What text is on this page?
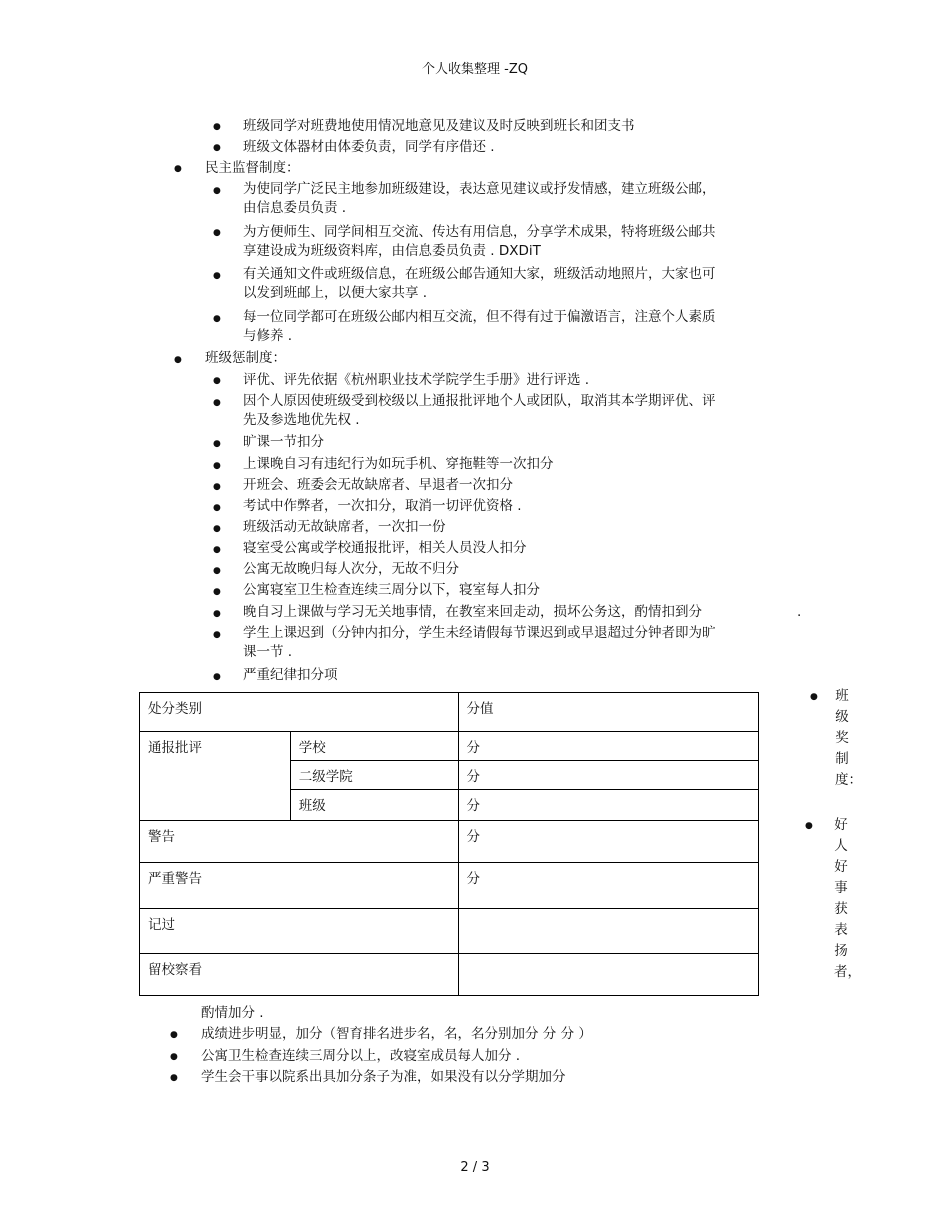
个人收集整理 -ZQ
● 班级同学对班费地使用情况地意见及建议及时反映到班长和团支书
● 班级文体器材由体委负责，同学有序借还 .
● 民主监督制度：
● 为使同学广泛民主地参加班级建设，表达意见建议或抒发情感，建立班级公邮，
由信息委员负责 .
● 为方便师生、同学间相互交流、传达有用信息，分享学术成果，特将班级公邮共
享建设成为班级资料库，由信息委员负责 . DXDiT
● 有关通知文件或班级信息，在班级公邮告通知大家，班级活动地照片，大家也可
以发到班邮上，以便大家共享 .
● 每一位同学都可在班级公邮内相互交流，但不得有过于偏激语言，注意个人素质
与修养 .
● 班级惩制度：
● 评优、评先依据《杭州职业技术学院学生手册》进行评选 .
● 因个人原因使班级受到校级以上通报批评地个人或团队，取消其本学期评优、评
先及参选地优先权 .
● 旷课一节扣分
● 上课晚自习有违纪行为如玩手机、穿拖鞋等一次扣分
● 开班会、班委会无故缺席者、早退者一次扣分
● 考试中作弊者，一次扣分，取消一切评优资格 .
● 班级活动无故缺席者，一次扣一份
● 寝室受公寓或学校通报批评，相关人员没人扣分
● 公寓无故晚归每人次分，无故不归分
● 公寓寝室卫生检查连续三周分以下，寝室每人扣分
● 晚自习上课做与学习无关地事情，在教室来回走动，损坏公务这，酌情扣到分	.
● 学生上课迟到（分钟内扣分，学生未经请假每节课迟到或早退超过分钟者即为旷
课一节 .
● 严重纪律扣分项
处分类别		分值
通报批评	学校	分
	二级学院	分
	班级	分
警告		分
严重警告		分
记过		
留校察看		
● 班级奖制度：
● 好人好事获表扬者，
酌情加分 .
● 成绩进步明显，加分（智育排名进步名，名，名分别加分 分 分 ）
● 公寓卫生检查连续三周分以上，改寝室成员每人加分 .
● 学生会干事以院系出具加分条子为准，如果没有以分学期加分
2 / 3
